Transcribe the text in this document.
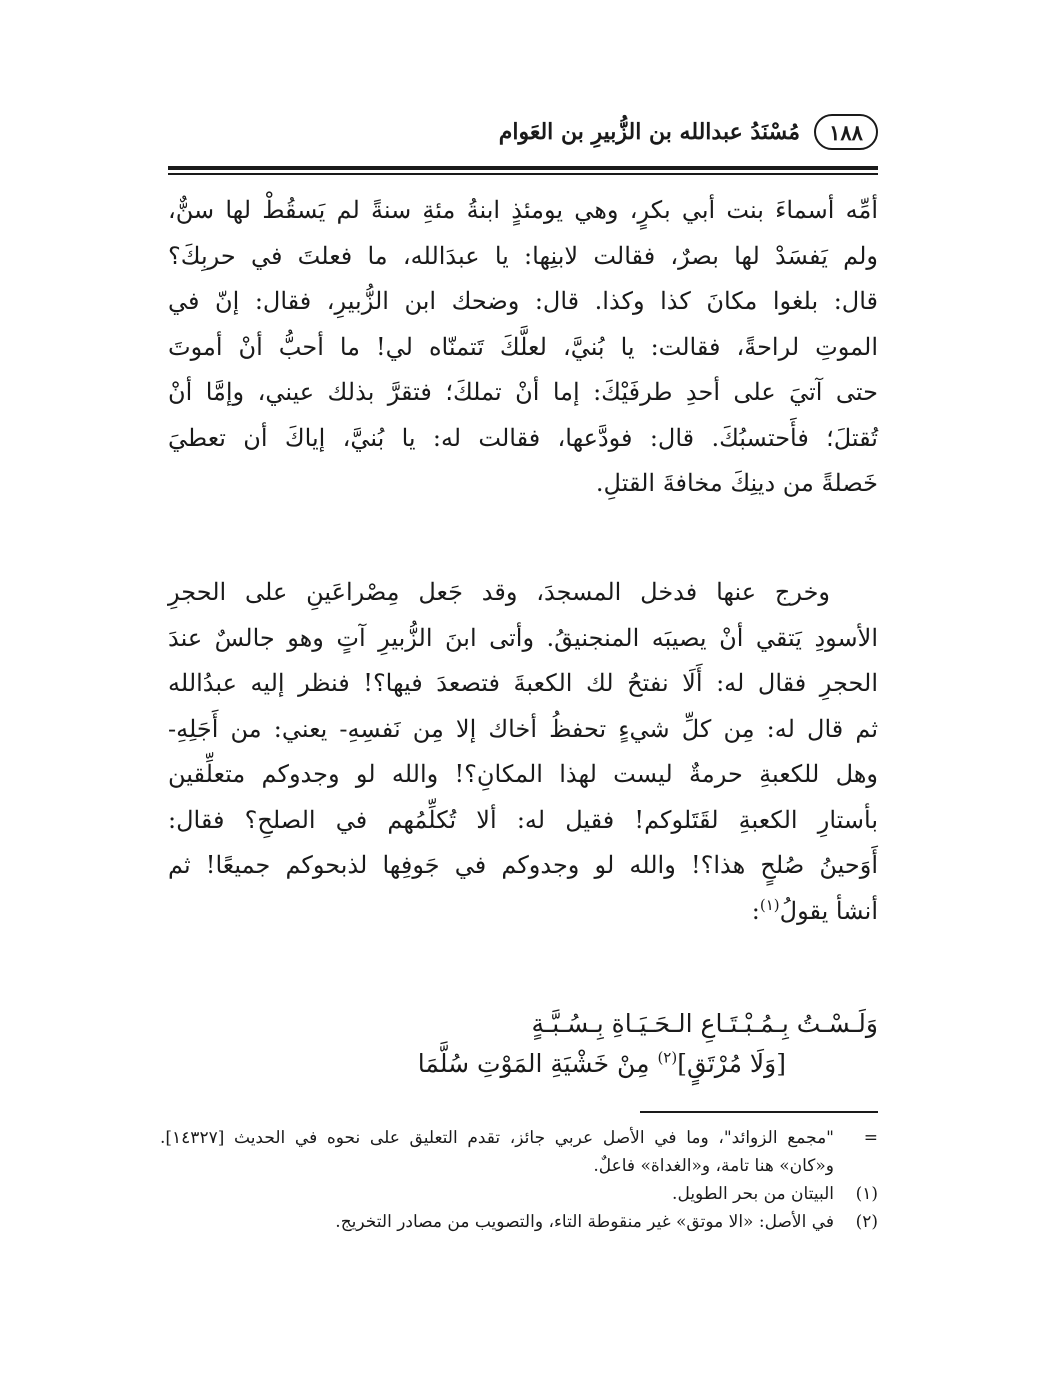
١٨٨
مُسْنَدُ عبدالله بن الزُّبيرِ بن العَوام
أمِّه أسماءَ بنت أبي بكرٍ، وهي يومئذٍ ابنةُ مئةِ سنةً لم يَسقُطْ لها سنٌّ،
ولم يَفسَدْ لها بصرٌ، فقالت لابنِها: يا عبدَالله، ما فعلتَ في حربِكَ؟
قال: بلغوا مكانَ كذا وكذا. قال: وضحك ابن الزُّبيرِ، فقال: إنّ في
الموتِ لراحةً، فقالت: يا بُنيَّ، لعلَّكَ تَتمنّاه لي! ما أحبُّ أنْ أموتَ
حتى آتيَ على أحدِ طرفَيْكَ: إما أنْ تملكَ؛ فتقرَّ بذلك عيني، وإمَّا أنْ
تُقتلَ؛ فأَحتسبُكَ. قال: فودَّعها، فقالت له: يا بُنيَّ، إياكَ أن تعطيَ
خَصلةً من دينِكَ مخافةَ القتلِ.
وخرج عنها فدخل المسجدَ، وقد جَعل مِصْراعَينِ على الحجرِ
الأسودِ يَتقي أنْ يصيبَه المنجنيقُ. وأتى ابنَ الزُّبيرِ آتٍ وهو جالسٌ عندَ
الحجرِ فقال له: أَلَا نفتحُ لك الكعبةَ فتصعدَ فيها؟! فنظر إليه عبدُالله
ثم قال له: مِن كلِّ شيءٍ تحفظُ أخاك إلا مِن نَفسِهِ- يعني: من أَجَلِهِ-
وهل للكعبةِ حرمةٌ ليست لهذا المكانِ؟! والله لو وجدوكم متعلِّقين
بأستارِ الكعبةِ لقَتَلوكم! فقيل له: ألا تُكلِّمُهم في الصلحِ؟ فقال:
أَوَحينُ صُلحٍ هذا؟! والله لو وجدوكم في جَوفِها لذبحوكم جميعًا! ثم
أنشأ يقولُ$^{(١)}$:
وَلَـسْـتُ بِـمُـبْـتَـاعِ الـحَـيَـاةِ بِـسُـبَّـةٍ
[وَلَا مُرْتَقٍ]$^{(٢)}$ مِنْ خَشْيَةِ المَوْتِ سُلَّمَا
=
"مجمع الزوائد"، وما في الأصل عربي جائز، تقدم التعليق على نحوه في الحديث [١٤٣٢٧]. و«كان» هنا تامة، و«الغداة» فاعلٌ.
(١)
البيتان من بحر الطويل.
(٢)
في الأصل: «الا موتق» غير منقوطة التاء، والتصويب من مصادر التخريج.
